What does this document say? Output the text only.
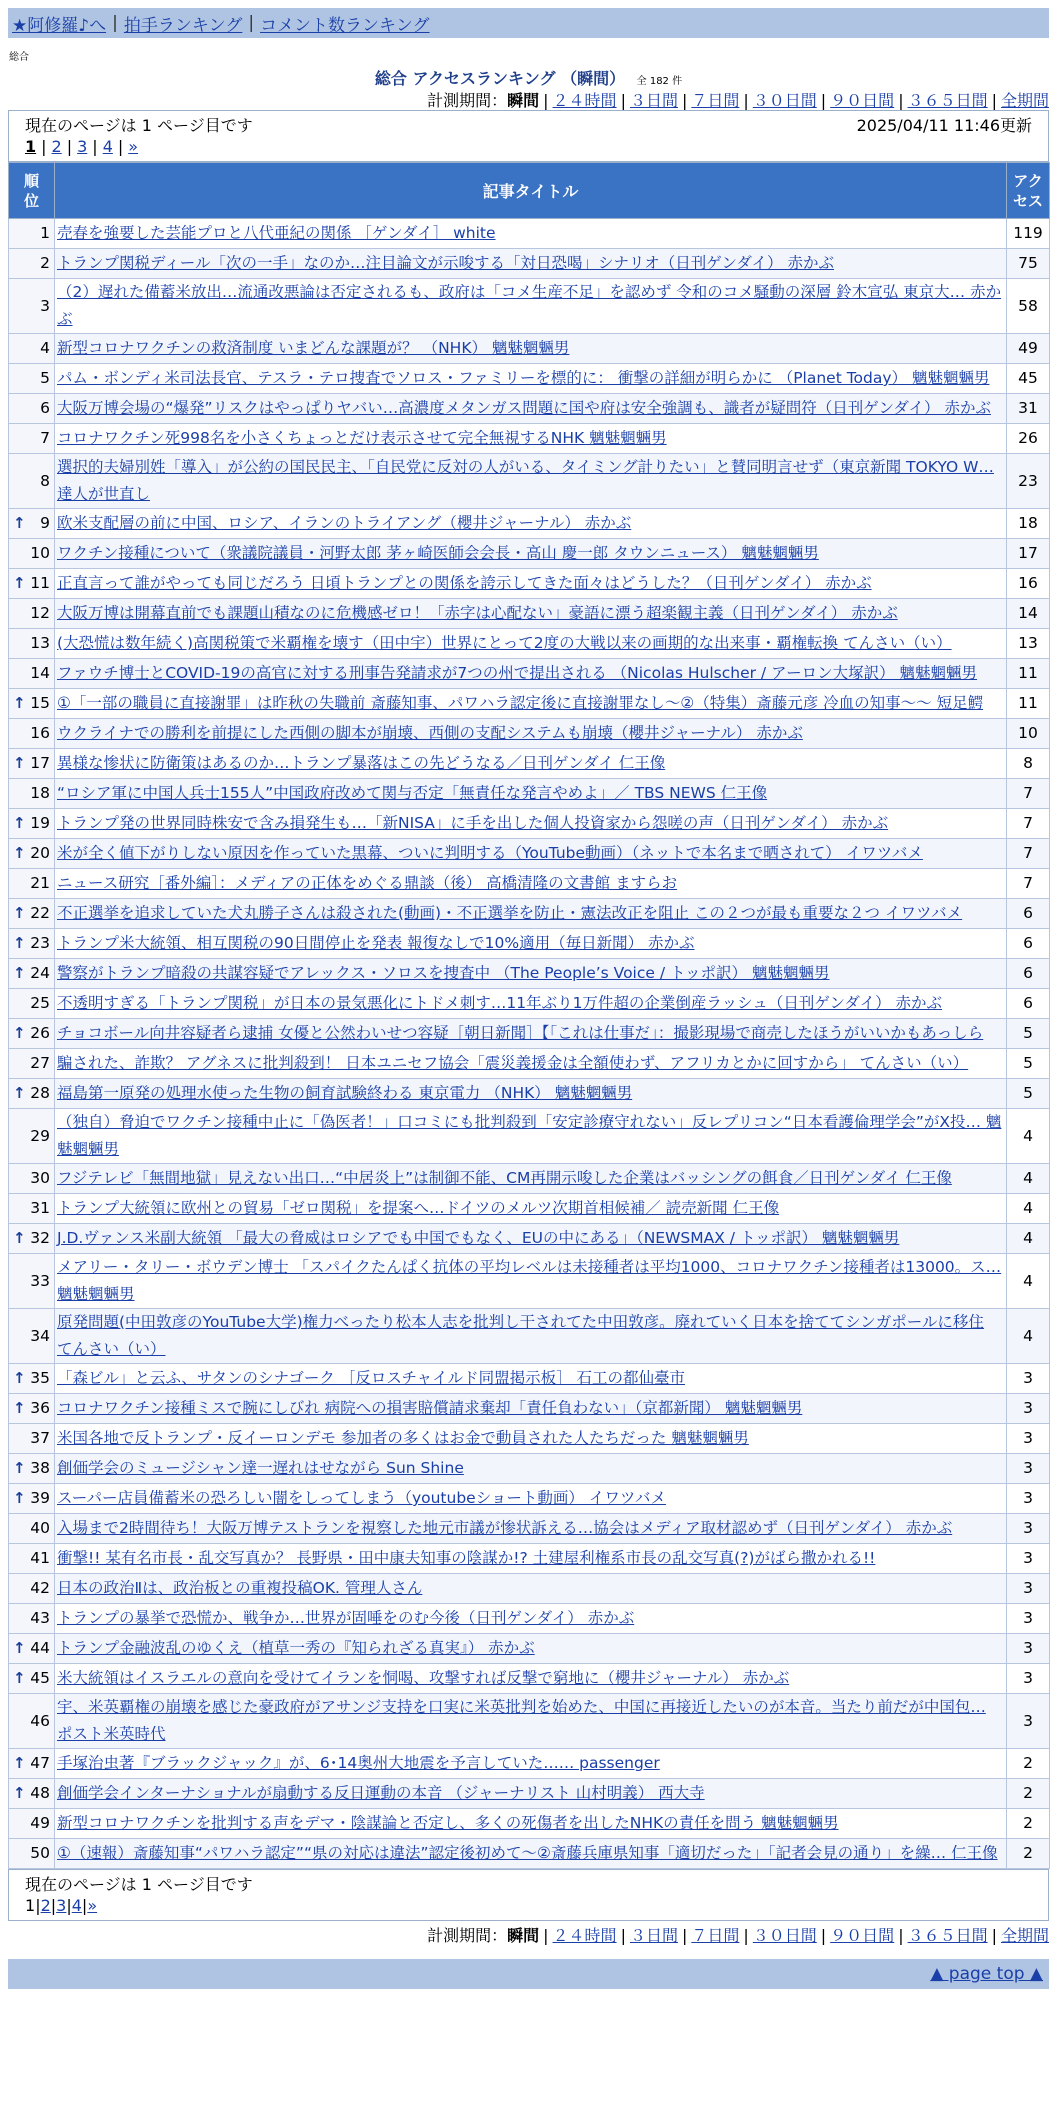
★阿修羅♪へ | 拍手ランキング | コメント数ランキング
総合
総合 アクセスランキング （瞬間） 全 182 件
計測期間：瞬間 | ２４時間 | ３日間 | ７日間 | ３０日間 | ９０日間 | ３６５日間 | 全期間
現在のページは 1 ページ目です	2025/04/11 11:46更新
1 | 2 | 3 | 4 | »
順位	記事タイトル	アクセス
1	売春を強要した芸能プロと八代亜紀の関係 ［ゲンダイ］ white	119
2	トランプ関税ディール「次の一手」なのか…注目論文が示唆する「対日恐喝」シナリオ（日刊ゲンダイ） 赤かぶ	75
3	（2）遅れた備蓄米放出…流通改悪論は否定されるも、政府は「コメ生産不足」を認めず 令和のコメ騒動の深層 鈴木宣弘 東京大… 赤かぶ	58
4	新型コロナワクチンの救済制度 いまどんな課題が？ （NHK） 魑魅魍魎男	49
5	パム・ボンディ米司法長官、テスラ・テロ捜査でソロス・ファミリーを標的に： 衝撃の詳細が明らかに （Planet Today） 魑魅魍魎男	45
6	大阪万博会場の“爆発”リスクはやっぱりヤバい…高濃度メタンガス問題に国や府は安全強調も、識者が疑問符（日刊ゲンダイ） 赤かぶ	31
7	コロナワクチン死998名を小さくちょっとだけ表示させて完全無視するNHK 魑魅魍魎男	26
8	選択的夫婦別姓「導入」が公約の国民民主、「自民党に反対の人がいる、タイミング計りたい」と賛同明言せず（東京新聞 TOKYO W… 達人が世直し	23

↑ 9	欧米支配層の前に中国、ロシア、イランのトライアング（櫻井ジャーナル） 赤かぶ	18
10	ワクチン接種について（衆議院議員・河野太郎 茅ヶ崎医師会会長・高山 慶一郎 タウンニュース） 魑魅魍魎男	17

↑ 11	正直言って誰がやっても同じだろう 日頃トランプとの関係を誇示してきた面々はどうした？（日刊ゲンダイ） 赤かぶ	16
12	大阪万博は開幕直前でも課題山積なのに危機感ゼロ！「赤字は心配ない」豪語に漂う超楽観主義（日刊ゲンダイ） 赤かぶ	14
13	(大恐慌は数年続く)高関税策で米覇権を壊す（田中宇）世界にとって2度の大戦以来の画期的な出来事・覇権転換 てんさい（い）	13
14	ファウチ博士とCOVID-19の高官に対する刑事告発請求が7つの州で提出される （Nicolas Hulscher / アーロン大塚訳） 魑魅魍魎男	11

↑ 15	①「一部の職員に直接謝罪」は昨秋の失職前 斎藤知事、パワハラ認定後に直接謝罪なし〜②（特集）斎藤元彦 冷血の知事〜〜 短足鰐	11
16	ウクライナでの勝利を前提にした西側の脚本が崩壊、西側の支配システムも崩壊（櫻井ジャーナル） 赤かぶ	10

↑ 17	異様な惨状に防衛策はあるのか…トランプ暴落はこの先どうなる／日刊ゲンダイ 仁王像	8
18	“ロシア軍に中国人兵士155人”中国政府改めて関与否定「無責任な発言やめよ」／ TBS NEWS 仁王像	7

↑ 19	トランプ発の世界同時株安で含み損発生も…「新NISA」に手を出した個人投資家から怨嗟の声（日刊ゲンダイ） 赤かぶ	7

↑ 20	米が全く値下がりしない原因を作っていた黒幕、ついに判明する（YouTube動画）（ネットで本名まで晒されて） イワツバメ	7
21	ニュース研究［番外編］：メディアの正体をめぐる鼎談（後） 高橋清隆の文書館 ますらお	7

↑ 22	不正選挙を追求していた犬丸勝子さんは殺された(動画)・不正選挙を防止・憲法改正を阻止 この２つが最も重要な２つ イワツバメ	6

↑ 23	トランプ米大統領、相互関税の90日間停止を発表 報復なしで10%適用（毎日新聞） 赤かぶ	6

↑ 24	警察がトランプ暗殺の共謀容疑でアレックス・ソロスを捜査中 （The People’s Voice / トッポ訳） 魑魅魍魎男	6
25	不透明すぎる「トランプ関税」が日本の景気悪化にトドメ刺す…11年ぶり1万件超の企業倒産ラッシュ（日刊ゲンダイ） 赤かぶ	6

↑ 26	チョコボール向井容疑者ら逮捕 女優と公然わいせつ容疑［朝日新聞］【「これは仕事だ」：撮影現場で商売したほうがいいかもあっしら	5
27	騙された、詐欺？ アグネスに批判殺到！ 日本ユニセフ協会「震災義援金は全額使わず、アフリカとかに回すから」 てんさい（い）	5

↑ 28	福島第一原発の処理水使った生物の飼育試験終わる 東京電力 （NHK） 魑魅魍魎男	5
29	（独自）脅迫でワクチン接種中止に「偽医者！」口コミにも批判殺到「安定診療守れない」反レプリコン“日本看護倫理学会”がX投… 魑魅魍魎男	4
30	フジテレビ「無間地獄」見えない出口…“中居炎上”は制御不能、CM再開示唆した企業はバッシングの餌食／日刊ゲンダイ 仁王像	4
31	トランプ大統領に欧州との貿易「ゼロ関税」を提案へ…ドイツのメルツ次期首相候補／ 読売新聞 仁王像	4

↑ 32	J.D.ヴァンス米副大統領 「最大の脅威はロシアでも中国でもなく、EUの中にある」（NEWSMAX / トッポ訳） 魑魅魍魎男	4
33	メアリー・タリー・ボウデン博士 「スパイクたんぱく抗体の平均レベルは未接種者は平均1000、コロナワクチン接種者は13000。ス… 魑魅魍魎男	4
34	原発問題(中田敦彦のYouTube大学)権力べったり松本人志を批判し干されてた中田敦彦。廃れていく日本を捨ててシンガポールに移住 てんさい（い）	4

↑ 35	「森ビル」と云ふ、サタンのシナゴーク ［反ロスチャイルド同盟掲示板］ 石工の都仙臺市	3

↑ 36	コロナワクチン接種ミスで腕にしびれ 病院への損害賠償請求棄却「責任負わない」（京都新聞） 魑魅魍魎男	3
37	米国各地で反トランプ・反イーロンデモ 参加者の多くはお金で動員された人たちだった 魑魅魍魎男	3

↑ 38	創価学会のミュージシャン達一遅れはせながら Sun Shine	3

↑ 39	スーパー店員備蓄米の恐ろしい闇をしってしまう（youtubeショート動画） イワツバメ	3
40	入場まで2時間待ち！大阪万博テストランを視察した地元市議が惨状訴える…協会はメディア取材認めず（日刊ゲンダイ） 赤かぶ	3
41	衝撃!! 某有名市長・乱交写真か？ 長野県・田中康夫知事の陰謀か!? 土建屋利権系市長の乱交写真(?)がばら撒かれる!!	3
42	日本の政治Ⅱは、政治板との重複投稿OK. 管理人さん	3
43	トランプの暴挙で恐慌か、戦争か…世界が固唾をのむ今後（日刊ゲンダイ） 赤かぶ	3

↑ 44	トランプ金融波乱のゆくえ（植草一秀の『知られざる真実』） 赤かぶ	3

↑ 45	米大統領はイスラエルの意向を受けてイランを恫喝、攻撃すれば反撃で窮地に（櫻井ジャーナル） 赤かぶ	3
46	宇、米英覇権の崩壊を感じた豪政府がアサンジ支持を口実に米英批判を始めた、中国に再接近したいのが本音。当たり前だが中国包… ポスト米英時代	3

↑ 47	手塚治虫著『ブラックジャック』が、6･14奥州大地震を予言していた…… passenger	2

↑ 48	創価学会インターナショナルが扇動する反日運動の本音 （ジャーナリスト 山村明義） 西大寺	2
49	新型コロナワクチンを批判する声をデマ・陰謀論と否定し、多くの死傷者を出したNHKの責任を問う 魑魅魍魎男	2
50	①（速報）斎藤知事“パワハラ認定”“県の対応は違法”認定後初めて〜②斎藤兵庫県知事「適切だった」「記者会見の通り」を繰… 仁王像	2
現在のページは 1 ページ目です
1 | 2 | 3 | 4 | »
計測期間：瞬間 | ２４時間 | ３日間 | ７日間 | ３０日間 | ９０日間 | ３６５日間 | 全期間
▲ page top ▲
